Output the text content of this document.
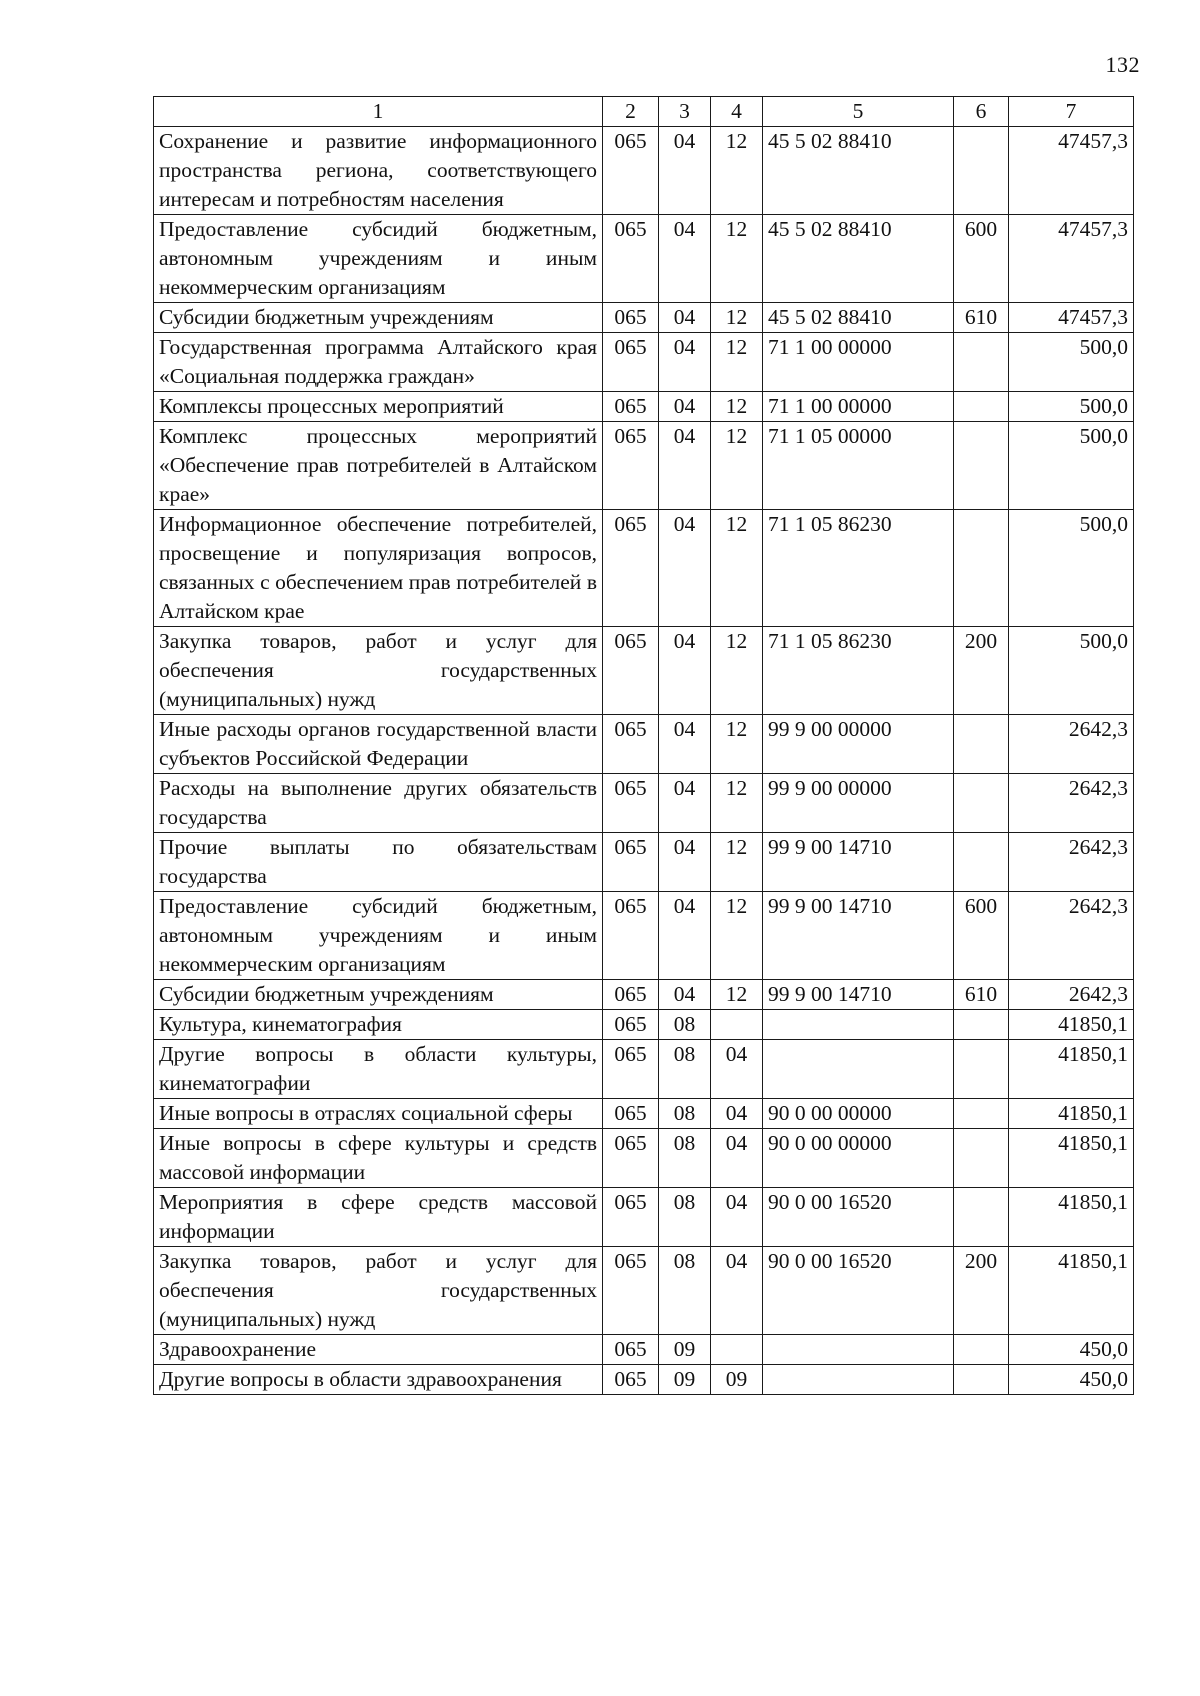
132
1	2	3	4	5	6	7
Сохранение и развитие информационного пространства региона, соответствующего интересам и потребностям населения	065	04	12	45 5 02 88410		47457,3
Предоставление субсидий бюджетным, автономным учреждениям и иным некоммерческим организациям	065	04	12	45 5 02 88410	600	47457,3
Субсидии бюджетным учреждениям	065	04	12	45 5 02 88410	610	47457,3
Государственная программа Алтайского края «Социальная поддержка граждан»	065	04	12	71 1 00 00000		500,0
Комплексы процессных мероприятий	065	04	12	71 1 00 00000		500,0
Комплекс процессных мероприятий «Обеспечение прав потребителей в Алтайском крае»	065	04	12	71 1 05 00000		500,0
Информационное обеспечение потребителей, просвещение и популяризация вопросов, связанных с обеспечением прав потребителей в Алтайском крае	065	04	12	71 1 05 86230		500,0
Закупка товаров, работ и услуг для обеспечения государственных (муниципальных) нужд	065	04	12	71 1 05 86230	200	500,0
Иные расходы органов государственной власти субъектов Российской Федерации	065	04	12	99 9 00 00000		2642,3
Расходы на выполнение других обязательств государства	065	04	12	99 9 00 00000		2642,3
Прочие выплаты по обязательствам государства	065	04	12	99 9 00 14710		2642,3
Предоставление субсидий бюджетным, автономным учреждениям и иным некоммерческим организациям	065	04	12	99 9 00 14710	600	2642,3
Субсидии бюджетным учреждениям	065	04	12	99 9 00 14710	610	2642,3
Культура, кинематография	065	08				41850,1
Другие вопросы в области культуры, кинематографии	065	08	04			41850,1
Иные вопросы в отраслях социальной сферы	065	08	04	90 0 00 00000		41850,1
Иные вопросы в сфере культуры и средств массовой информации	065	08	04	90 0 00 00000		41850,1
Мероприятия в сфере средств массовой информации	065	08	04	90 0 00 16520		41850,1
Закупка товаров, работ и услуг для обеспечения государственных (муниципальных) нужд	065	08	04	90 0 00 16520	200	41850,1
Здравоохранение	065	09				450,0
Другие вопросы в области здравоохранения	065	09	09			450,0
